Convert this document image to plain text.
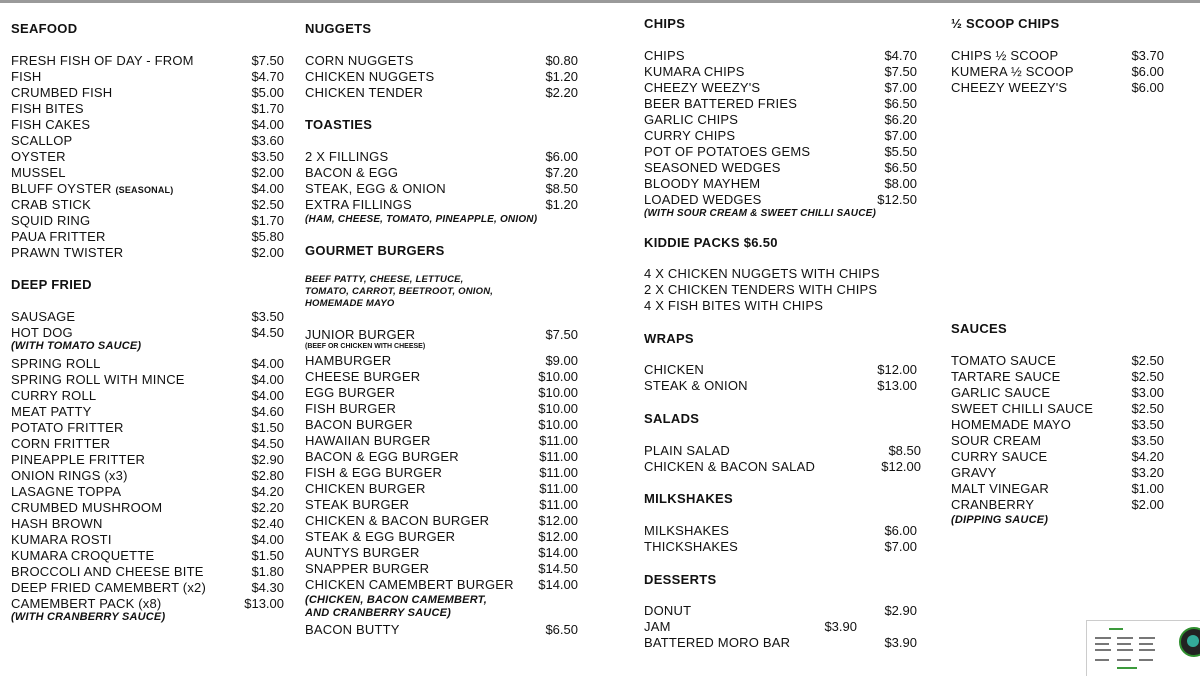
SEAFOOD
FRESH FISH OF DAY - FROM	$7.50
FISH	$4.70
CRUMBED FISH	$5.00
FISH BITES	$1.70
FISH CAKES	$4.00
SCALLOP	$3.60
OYSTER	$3.50
MUSSEL	$2.00
BLUFF OYSTER (SEASONAL)	$4.00
CRAB STICK	$2.50
SQUID RING	$1.70
PAUA FRITTER	$5.80
PRAWN TWISTER	$2.00
DEEP FRIED
SAUSAGE	$3.50
HOT DOG	$4.50
(WITH TOMATO SAUCE)
SPRING ROLL	$4.00
SPRING ROLL WITH MINCE	$4.00
CURRY ROLL	$4.00
MEAT PATTY	$4.60
POTATO FRITTER	$1.50
CORN FRITTER	$4.50
PINEAPPLE FRITTER	$2.90
ONION RINGS (x3)	$2.80
LASAGNE TOPPA	$4.20
CRUMBED MUSHROOM	$2.20
HASH BROWN	$2.40
KUMARA ROSTI	$4.00
KUMARA CROQUETTE	$1.50
BROCCOLI AND CHEESE BITE	$1.80
DEEP FRIED CAMEMBERT (x2)	$4.30
CAMEMBERT PACK (x8)	$13.00
(WITH CRANBERRY SAUCE)
NUGGETS
CORN NUGGETS	$0.80
CHICKEN NUGGETS	$1.20
CHICKEN TENDER	$2.20
TOASTIES
2 X FILLINGS	$6.00
BACON & EGG	$7.20
STEAK, EGG & ONION	$8.50
EXTRA FILLINGS	$1.20
(HAM, CHEESE, TOMATO, PINEAPPLE, ONION)
GOURMET BURGERS
BEEF PATTY, CHEESE, LETTUCE,
TOMATO, CARROT, BEETROOT, ONION,
HOMEMADE MAYO
JUNIOR BURGER	$7.50
(BEEF OR CHICKEN WITH CHEESE)
HAMBURGER	$9.00
CHEESE BURGER	$10.00
EGG BURGER	$10.00
FISH BURGER	$10.00
BACON BURGER	$10.00
HAWAIIAN BURGER	$11.00
BACON & EGG BURGER	$11.00
FISH & EGG BURGER	$11.00
CHICKEN BURGER	$11.00
STEAK BURGER	$11.00
CHICKEN & BACON BURGER	$12.00
STEAK & EGG BURGER	$12.00
AUNTYS BURGER	$14.00
SNAPPER BURGER	$14.50
CHICKEN CAMEMBERT BURGER	$14.00
(CHICKEN, BACON CAMEMBERT,
AND CRANBERRY SAUCE)
BACON BUTTY	$6.50
CHIPS
CHIPS	$4.70
KUMARA CHIPS	$7.50
CHEEZY WEEZY'S	$7.00
BEER BATTERED FRIES	$6.50
GARLIC CHIPS	$6.20
CURRY CHIPS	$7.00
POT OF POTATOES GEMS	$5.50
SEASONED WEDGES	$6.50
BLOODY MAYHEM	$8.00
LOADED WEDGES	$12.50
(WITH SOUR CREAM & SWEET CHILLI SAUCE)
KIDDIE PACKS $6.50
4 X CHICKEN NUGGETS WITH CHIPS
2 X CHICKEN TENDERS WITH CHIPS
4 X FISH BITES WITH CHIPS
WRAPS
CHICKEN	$12.00
STEAK & ONION	$13.00
SALADS
PLAIN SALAD	$8.50
CHICKEN & BACON SALAD	$12.00
MILKSHAKES
MILKSHAKES	$6.00
THICKSHAKES	$7.00
DESSERTS
DONUT	$2.90
JAM	$3.90
BATTERED MORO BAR	$3.90
½ SCOOP CHIPS
CHIPS ½ SCOOP	$3.70
KUMERA ½ SCOOP	$6.00
CHEEZY WEEZY'S	$6.00
SAUCES
TOMATO SAUCE	$2.50
TARTARE SAUCE	$2.50
GARLIC SAUCE	$3.00
SWEET CHILLI SAUCE	$2.50
HOMEMADE MAYO	$3.50
SOUR CREAM	$3.50
CURRY SAUCE	$4.20
GRAVY	$3.20
MALT VINEGAR	$1.00
CRANBERRY	$2.00
(DIPPING SAUCE)
